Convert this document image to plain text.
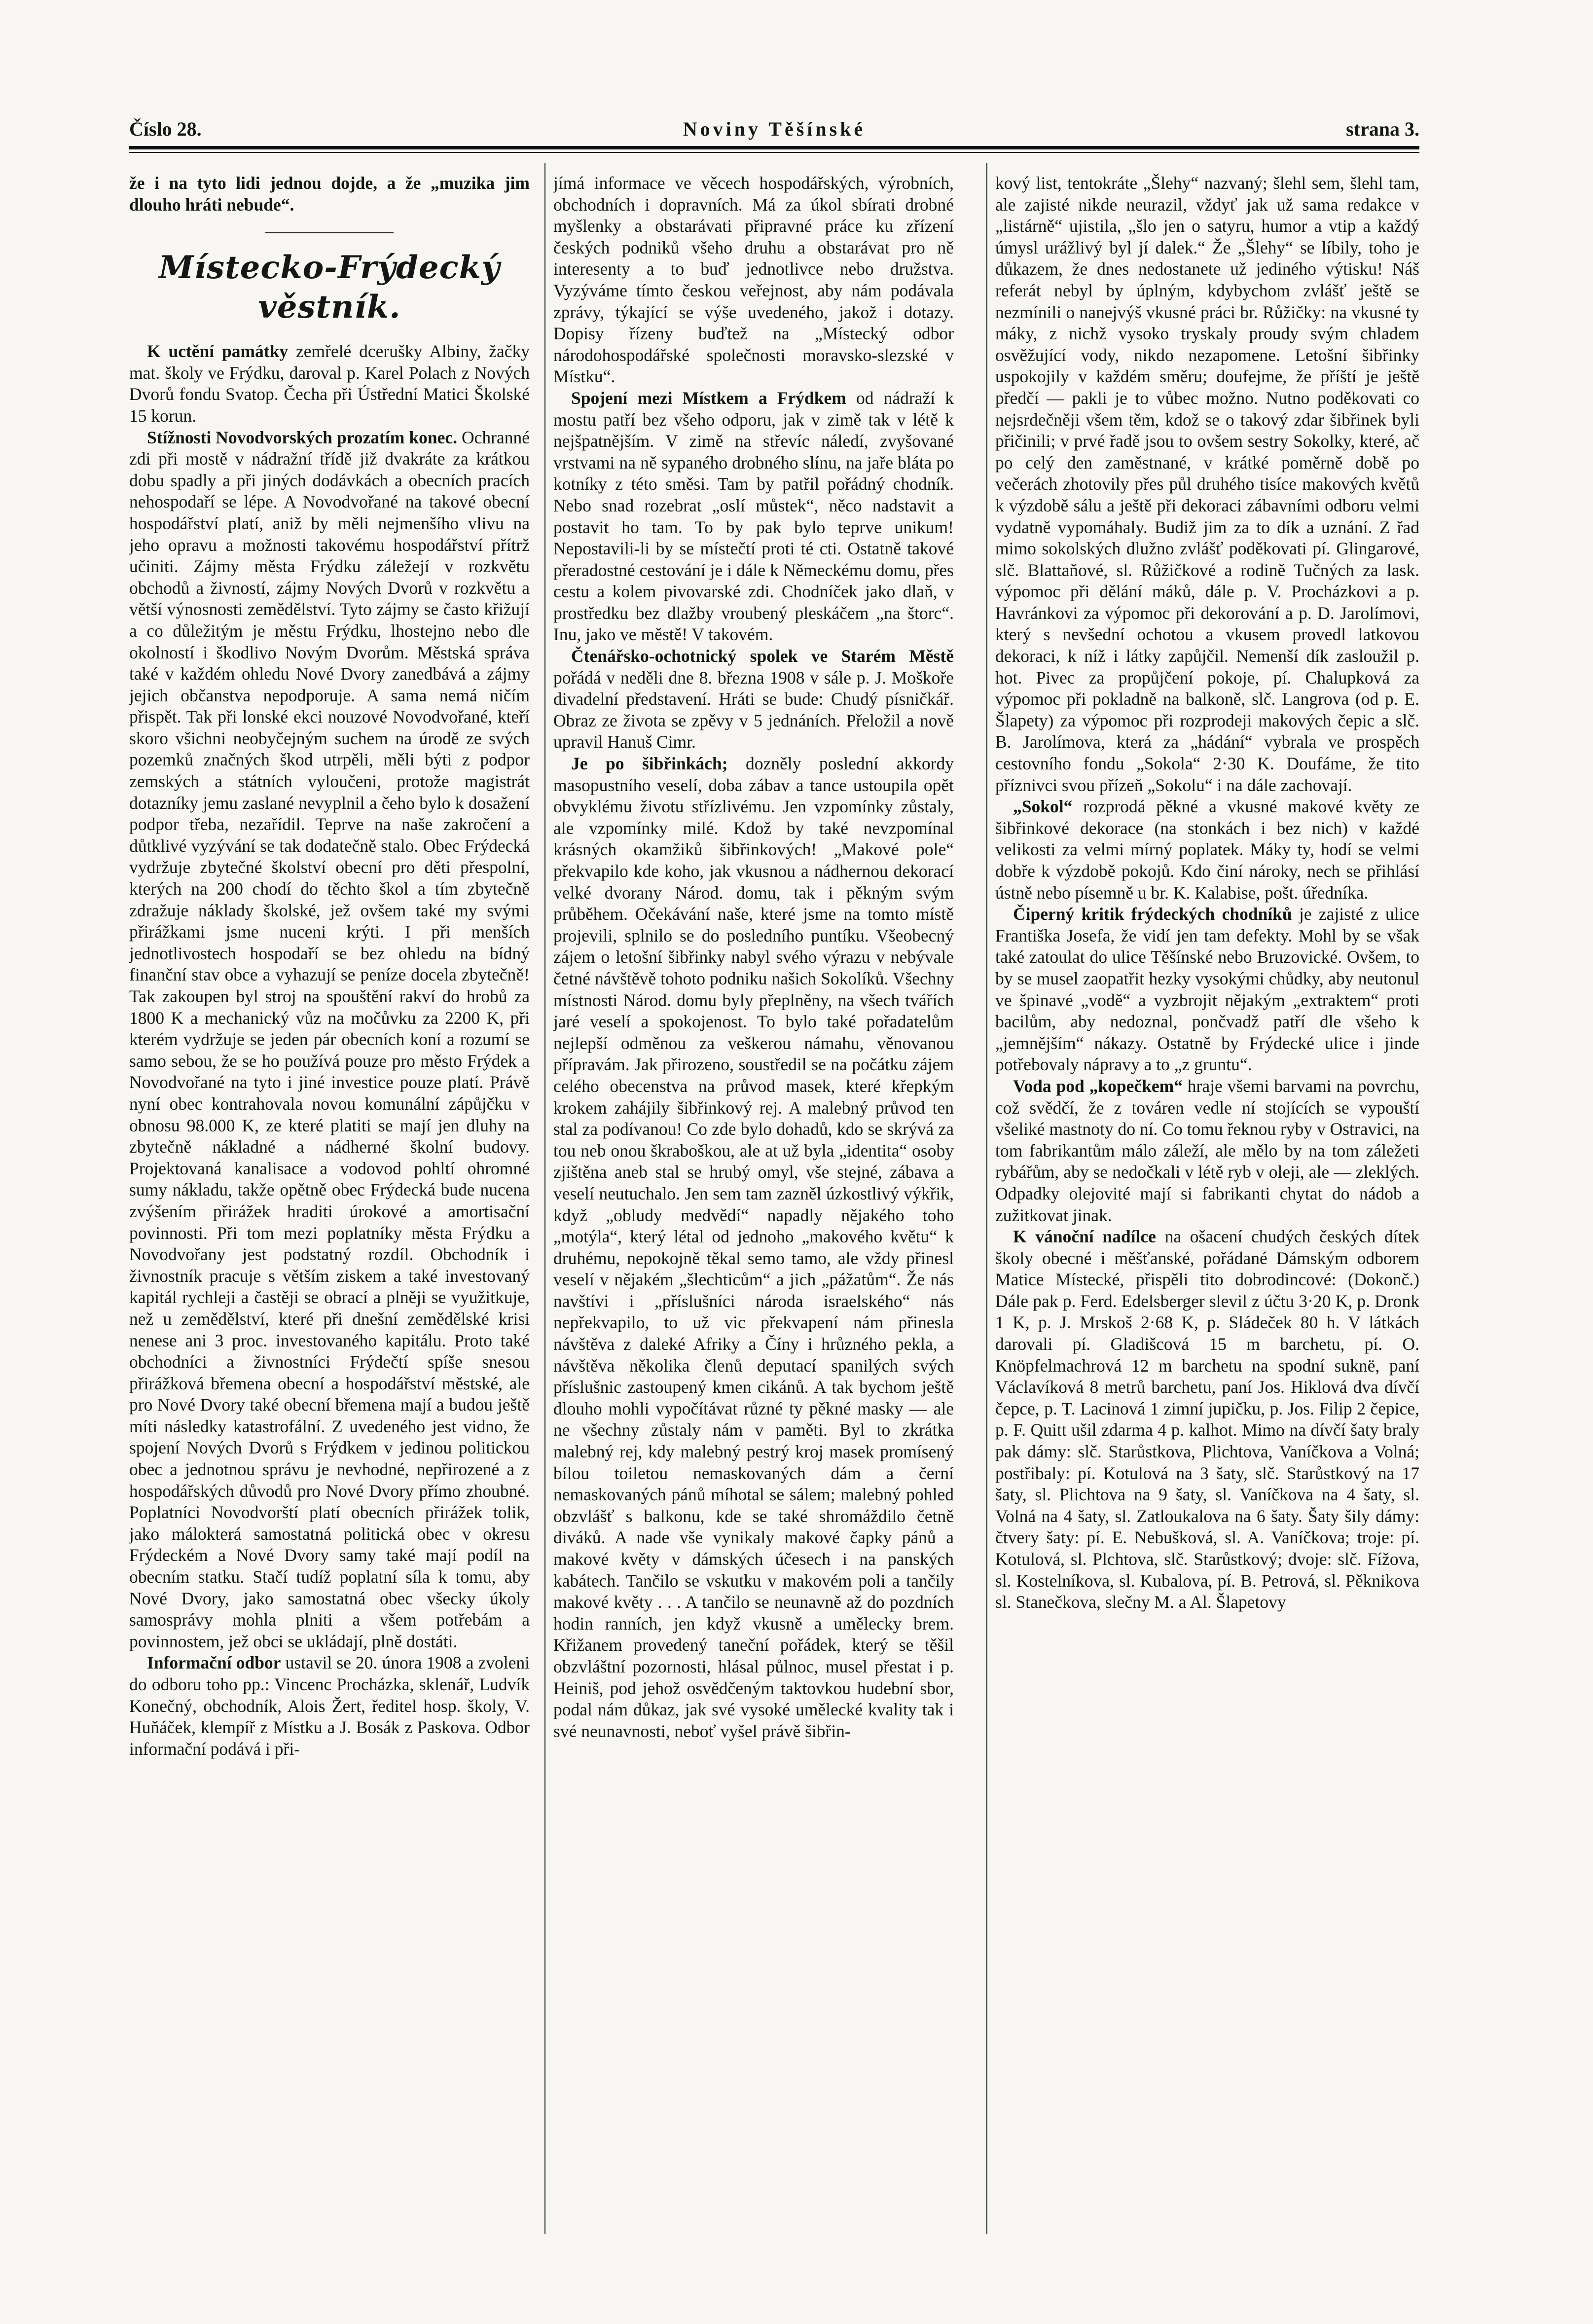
Číslo 28.	Noviny Těšínské	strana 3.

že i na tyto lidi jednou dojde, a že „muzika jim dlouho hráti nebude“.

Místecko-Frýdecký věstník.

K uctění památky zemřelé dcerušky Albiny, žačky mat. školy ve Frýdku, daroval p. Karel Polach z Nových Dvorů fondu Svatop. Čecha při Ústřední Matici Školské 15 korun.

Stížnosti Novodvorských prozatím konec. Ochranné zdi při mostě v nádražní třídě již dvakráte za krátkou dobu spadly a při jiných dodávkách a obecních pracích nehospodaří se lépe. A Novodvořané na takové obecní hospodářství platí, aniž by měli nejmenšího vlivu na jeho opravu a možnosti takovému hospodářství přítrž učiniti. Zájmy města Frýdku záležejí v rozkvětu obchodů a živností, zájmy Nových Dvorů v rozkvětu a větší výnosnosti zemědělství. Tyto zájmy se často křižují a co důležitým je městu Frýdku, lhostejno nebo dle okolností i škodlivo Novým Dvorům. Městská správa také v každém ohledu Nové Dvory zanedbává a zájmy jejich občanstva nepodporuje. A sama nemá ničím přispět. Tak při lonské ekci nouzové Novodvořané, kteří skoro všichni neobyčejným suchem na úrodě ze svých pozemků značných škod utrpěli, měli býti z podpor zemských a státních vyloučeni, protože magistrát dotazníky jemu zaslané nevyplnil a čeho bylo k dosažení podpor třeba, nezařídil. Teprve na naše zakročení a důtklivé vyzývání se tak dodatečně stalo. Obec Frýdecká vydržuje zbytečné školství obecní pro děti přespolní, kterých na 200 chodí do těchto škol a tím zbytečně zdražuje náklady školské, jež ovšem také my svými přirážkami jsme nuceni krýti. I při menších jednotlivostech hospodaří se bez ohledu na bídný finanční stav obce a vyhazují se peníze docela zbytečně! Tak zakoupen byl stroj na spouštění rakví do hrobů za 1800 K a mechanický vůz na močůvku za 2200 K, při kterém vydržuje se jeden pár obecních koní a rozumí se samo sebou, že se ho používá pouze pro město Frýdek a Novodvořané na tyto i jiné investice pouze platí. Právě nyní obec kontrahovala novou komunální zápůjčku v obnosu 98.000 K, ze které platiti se mají jen dluhy na zbytečně nákladné a nádherné školní budovy. Projektovaná kanalisace a vodovod pohltí ohromné sumy nákladu, takže opětně obec Frýdecká bude nucena zvýšením přirážek hraditi úrokové a amortisační povinnosti. Při tom mezi poplatníky města Frýdku a Novodvořany jest podstatný rozdíl. Obchodník i živnostník pracuje s větším ziskem a také investovaný kapitál rychleji a častěji se obrací a plněji se využitkuje, než u zemědělství, které při dnešní zemědělské krisi nenese ani 3 proc. investovaného kapitálu. Proto také obchodníci a živnostníci Frýdečtí spíše snesou přirážková břemena obecní a hospodářství městské, ale pro Nové Dvory také obecní břemena mají a budou ještě míti následky katastrofální. Z uvedeného jest vidno, že spojení Nových Dvorů s Frýdkem v jedinou politickou obec a jednotnou správu je nevhodné, nepřirozené a z hospodářských důvodů pro Nové Dvory přímo zhoubné. Poplatníci Novodvorští platí obecních přirážek tolik, jako málokterá samostatná politická obec v okresu Frýdeckém a Nové Dvory samy také mají podíl na obecním statku. Stačí tudíž poplatní síla k tomu, aby Nové Dvory, jako samostatná obec všecky úkoly samosprávy mohla plniti a všem potřebám a povinnostem, jež obci se ukládají, plně dostáti.

Informační odbor ustavil se 20. února 1908 a zvoleni do odboru toho pp.: Vincenc Procházka, sklenář, Ludvík Konečný, obchodník, Alois Žert, ředitel hosp. školy, V. Huňáček, klempíř z Místku a J. Bosák z Paskova. Odbor informační podává i při-

jímá informace ve věcech hospodářských, výrobních, obchodních i dopravních. Má za úkol sbírati drobné myšlenky a obstarávati připravné práce ku zřízení českých podniků všeho druhu a obstarávat pro ně interesenty a to buď jednotlivce nebo družstva. Vyzýváme tímto českou veřejnost, aby nám podávala zprávy, týkající se výše uvedeného, jakož i dotazy. Dopisy řízeny buďtež na „Místecký odbor národohospodářské společnosti moravsko-slezské v Místku“.

Spojení mezi Místkem a Frýdkem od nádraží k mostu patří bez všeho odporu, jak v zimě tak v létě k nejšpatnějším. V zimě na střevíc náledí, zvyšované vrstvami na ně sypaného drobného slínu, na jaře bláta po kotníky z této směsi. Tam by patřil pořádný chodník. Nebo snad rozebrat „oslí můstek“, něco nadstavit a postavit ho tam. To by pak bylo teprve unikum! Nepostavili-li by se místečtí proti té cti. Ostatně takové přeradostné cestování je i dále k Německému domu, přes cestu a kolem pivovarské zdi. Chodníček jako dlaň, v prostředku bez dlažby vroubený pleskáčem „na štorc“. Inu, jako ve městě! V takovém.

Čtenářsko-ochotnický spolek ve Starém Městě pořádá v neděli dne 8. března 1908 v sále p. J. Moškoře divadelní představení. Hráti se bude: Chudý písničkář. Obraz ze života se zpěvy v 5 jednáních. Přeložil a nově upravil Hanuš Cimr.

Je po šibřinkách; dozněly poslední akkordy masopustního veselí, doba zábav a tance ustoupila opět obvyklému životu střízlivému. Jen vzpomínky zůstaly, ale vzpomínky milé. Kdož by také nevzpomínal krásných okamžiků šibřinkových! „Makové pole“ překvapilo kde koho, jak vkusnou a nádhernou dekorací velké dvorany Národ. domu, tak i pěkným svým průběhem. Očekávání naše, které jsme na tomto místě projevili, splnilo se do posledního puntíku. Všeobecný zájem o letošní šibřinky nabyl svého výrazu v nebývale četné návštěvě tohoto podniku našich Sokolíků. Všechny místnosti Národ. domu byly přeplněny, na všech tvářích jaré veselí a spokojenost. To bylo také pořadatelům nejlepší odměnou za veškerou námahu, věnovanou přípravám. Jak přirozeno, soustředil se na počátku zájem celého obecenstva na průvod masek, které křepkým krokem zahájily šibřinkový rej. A malebný průvod ten stal za podívanou! Co zde bylo dohadů, kdo se skrývá za tou neb onou škraboškou, ale at už byla „identita“ osoby zjištěna aneb stal se hrubý omyl, vše stejné, zábava a veselí neutuchalo. Jen sem tam zazněl úzkostlivý výkřik, když „obludy medvědí“ napadly nějakého toho „motýla“, který létal od jednoho „makového květu“ k druhému, nepokojně těkal semo tamo, ale vždy přinesl veselí v nějakém „šlechticům“ a jich „pážatům“. Že nás navštívi i „příslušníci národa israelského“ nás nepřekvapilo, to už vic překvapení nám přinesla návštěva z daleké Afriky a Číny i hrůzného pekla, a návštěva několika členů deputací spanilých svých příslušnic zastoupený kmen cikánů. A tak bychom ještě dlouho mohli vypočítávat různé ty pěkné masky — ale ne všechny zůstaly nám v paměti. Byl to zkrátka malebný rej, kdy malebný pestrý kroj masek promísený bílou toiletou nemaskovaných dám a černí nemaskovaných pánů míhotal se sálem; malebný pohled obzvlášť s balkonu, kde se také shromáždilo četně diváků. A nade vše vynikaly makové čapky pánů a makové květy v dámských účesech i na panských kabátech. Tančilo se vskutku v makovém poli a tančily makové květy . . . A tančilo se neunavně až do pozdních hodin ranních, jen když vkusně a umělecky brem. Křižanem provedený taneční pořádek, který se těšil obzvláštní pozornosti, hlásal půlnoc, musel přestat i p. Heiniš, pod jehož osvědčeným taktovkou hudební sbor, podal nám důkaz, jak své vysoké umělecké kvality tak i své neunavnosti, neboť vyšel právě šibřin-

kový list, tentokráte „Šlehy“ nazvaný; šlehl sem, šlehl tam, ale zajisté nikde neurazil, vždyť jak už sama redakce v „listárně“ ujistila, „šlo jen o satyru, humor a vtip a každý úmysl urážlivý byl jí dalek.“ Že „Šlehy“ se líbily, toho je důkazem, že dnes nedostanete už jediného výtisku! Náš referát nebyl by úplným, kdybychom zvlášť ještě se nezmínili o nanejvýš vkusné práci br. Růžičky: na vkusné ty máky, z nichž vysoko tryskaly proudy svým chladem osvěžující vody, nikdo nezapomene. Letošní šibřinky uspokojily v každém směru; doufejme, že příští je ještě předčí — pakli je to vůbec možno. Nutno poděkovati co nejsrdečněji všem těm, kdož se o takový zdar šibřinek byli přičinili; v prvé řadě jsou to ovšem sestry Sokolky, které, ač po celý den zaměstnané, v krátké poměrně době po večerách zhotovily přes půl druhého tisíce makových květů k výzdobě sálu a ještě při dekoraci zábavními odboru velmi vydatně vypomáhaly. Budiž jim za to dík a uznání. Z řad mimo sokolských dlužno zvlášť poděkovati pí. Glingarové, slč. Blattaňové, sl. Růžičkové a rodině Tučných za lask. výpomoc při dělání máků, dále p. V. Procházkovi a p. Havránkovi za výpomoc při dekorování a p. D. Jarolímovi, který s nevšední ochotou a vkusem provedl latkovou dekoraci, k níž i látky zapůjčil. Nemenší dík zasloužil p. hot. Pivec za propůjčení pokoje, pí. Chalupková za výpomoc při pokladně na balkoně, slč. Langrova (od p. E. Šlapety) za výpomoc při rozprodeji makových čepic a slč. B. Jarolímova, která za „hádání“ vybrala ve prospěch cestovního fondu „Sokola“ 2·30 K. Doufáme, že tito příznivci svou přízeň „Sokolu“ i na dále zachovají.

„Sokol“ rozprodá pěkné a vkusné makové květy ze šibřinkové dekorace (na stonkách i bez nich) v každé velikosti za velmi mírný poplatek. Máky ty, hodí se velmi dobře k výzdobě pokojů. Kdo činí nároky, nech se přihlásí ústně nebo písemně u br. K. Kalabise, pošt. úředníka.

Čiperný kritik frýdeckých chodníků je zajisté z ulice Františka Josefa, že vidí jen tam defekty. Mohl by se však také zatoulat do ulice Těšínské nebo Bruzovické. Ovšem, to by se musel zaopatřit hezky vysokými chůdky, aby neutonul ve špinavé „vodě“ a vyzbrojit nějakým „extraktem“ proti bacilům, aby nedoznal, pončvadž patří dle všeho k „jemnějším“ nákazy. Ostatně by Frýdecké ulice i jinde potřebovaly nápravy a to „z gruntu“.

Voda pod „kopečkem“ hraje všemi barvami na povrchu, což svědčí, že z továren vedle ní stojících se vypouští všeliké mastnoty do ní. Co tomu řeknou ryby v Ostravici, na tom fabrikantům málo záleží, ale mělo by na tom záležeti rybářům, aby se nedočkali v létě ryb v oleji, ale — zleklých. Odpadky olejovité mají si fabrikanti chytat do nádob a zužitkovat jinak.

K vánoční nadílce na ošacení chudých českých dítek školy obecné i měšťanské, pořádané Dámským odborem Matice Místecké, přispěli tito dobrodincové: (Dokonč.) Dále pak p. Ferd. Edelsberger slevil z účtu 3·20 K, p. Dronk 1 K, p. J. Mrskoš 2·68 K, p. Sládeček 80 h. V látkách darovali pí. Gladišcová 15 m barchetu, pí. O. Knöpfelmachrová 12 m barchetu na spodní suknë, paní Václavíková 8 metrů barchetu, paní Jos. Hiklová dva dívčí čepce, p. T. Lacinová 1 zimní jupičku, p. Jos. Filip 2 čepice, p. F. Quitt ušil zdarma 4 p. kalhot. Mimo na dívčí šaty braly pak dámy: slč. Starůstkova, Plichtova, Vaníčkova a Volná; postřibaly: pí. Kotulová na 3 šaty, slč. Starůstkový na 17 šaty, sl. Plichtova na 9 šaty, sl. Vaníčkova na 4 šaty, sl. Volná na 4 šaty, sl. Zatloukalova na 6 šaty. Šaty šily dámy: čtvery šaty: pí. E. Nebušková, sl. A. Vaníčkova; troje: pí. Kotulová, sl. Plchtova, slč. Starůstkový; dvoje: slč. Fížova, sl. Kostelníkova, sl. Kubalova, pí. B. Petrová, sl. Pěknikova sl. Stanečkova, slečny M. a Al. Šlapetovy
